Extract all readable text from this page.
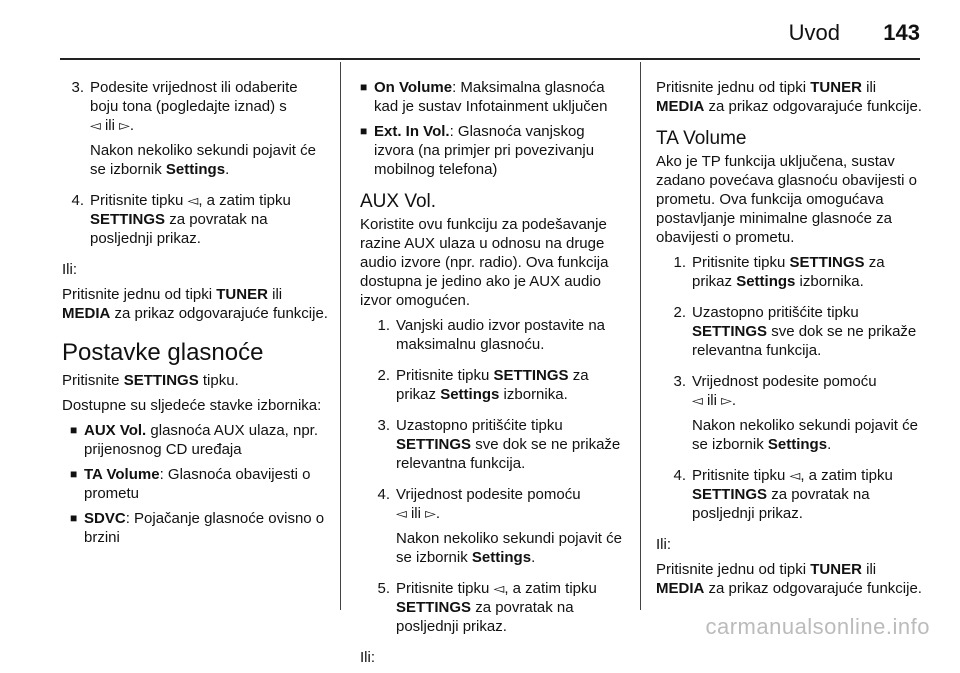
Uvod 143
3. Podesite vrijednost ili odaberite boju tona (pogledajte iznad) s
◅ ili ▻.

Nakon nekoliko sekundi pojavit će se izbornik Settings.

4. Pritisnite tipku ◅, a zatim tipku SETTINGS za povratak na posljednji prikaz.

Ili:

Pritisnite jednu od tipki TUNER ili MEDIA za prikaz odgovarajuće funkcije.

Postavke glasnoće

Pritisnite SETTINGS tipku.

Dostupne su sljedeće stavke izbornika:

■ AUX Vol. glasnoća AUX ulaza, npr. prijenosnog CD uređaja
■ TA Volume: Glasnoća obavijesti o prometu
■ SDVC: Pojačanje glasnoće ovisno o brzini
■ On Volume: Maksimalna glasnoća kad je sustav Infotainment uključen
■ Ext. In Vol.: Glasnoća vanjskog izvora (na primjer pri povezivanju mobilnog telefona)
AUX Vol.

Koristite ovu funkciju za podešavanje razine AUX ulaza u odnosu na druge audio izvore (npr. radio). Ova funkcija dostupna je jedino ako je AUX audio izvor omogućen.

1. Vanjski audio izvor postavite na maksimalnu glasnoću.

2. Pritisnite tipku SETTINGS za prikaz Settings izbornika.

3. Uzastopno pritišćite tipku SETTINGS sve dok se ne prikaže relevantna funkcija.

4. Vrijednost podesite pomoću
◅ ili ▻.

Nakon nekoliko sekundi pojavit će se izbornik Settings.

5. Pritisnite tipku ◅, a zatim tipku SETTINGS za povratak na posljednji prikaz.

Ili:

Pritisnite jednu od tipki TUNER ili MEDIA za prikaz odgovarajuće funkcije.

TA Volume

Ako je TP funkcija uključena, sustav zadano povećava glasnoću obavijesti o prometu. Ova funkcija omogućava postavljanje minimalne glasnoće za obavijesti o prometu.

1. Pritisnite tipku SETTINGS za prikaz Settings izbornika.

2. Uzastopno pritišćite tipku SETTINGS sve dok se ne prikaže relevantna funkcija.

3. Vrijednost podesite pomoću
◅ ili ▻.

Nakon nekoliko sekundi pojavit će se izbornik Settings.

4. Pritisnite tipku ◅, a zatim tipku SETTINGS za povratak na posljednji prikaz.

Ili:

Pritisnite jednu od tipki TUNER ili MEDIA za prikaz odgovarajuće funkcije.

carmanualsonline.info
